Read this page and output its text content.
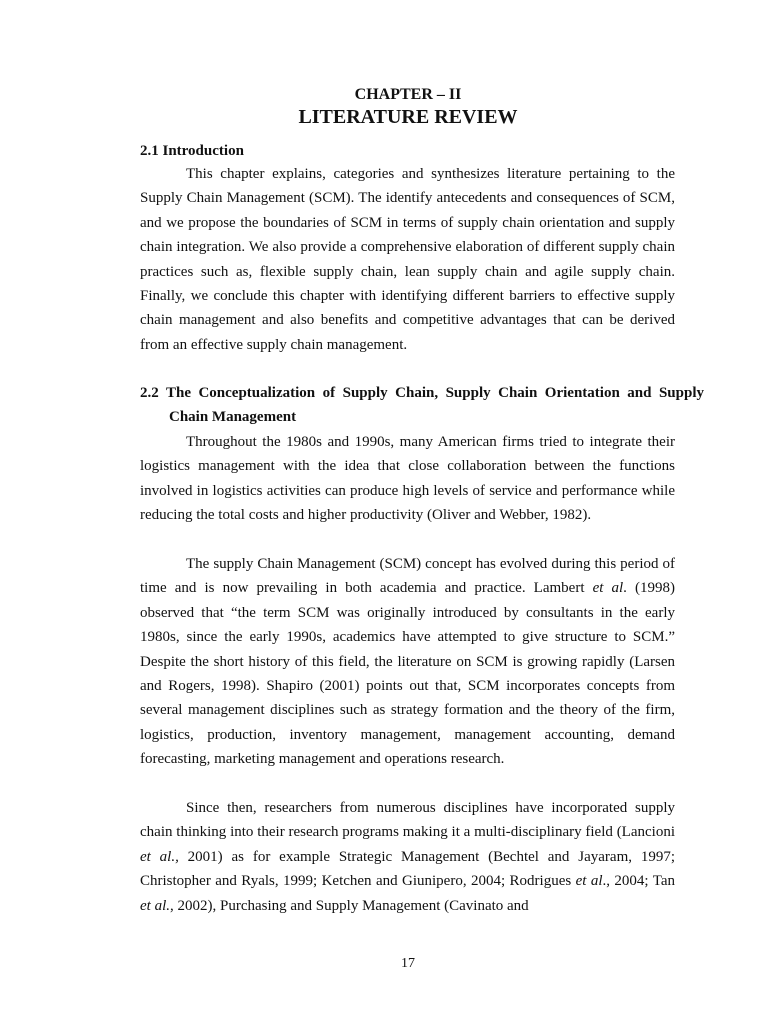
CHAPTER – II
LITERATURE REVIEW
2.1 Introduction

This chapter explains, categories and synthesizes literature pertaining to the Supply Chain Management (SCM). The identify antecedents and consequences of SCM, and we propose the boundaries of SCM in terms of supply chain orientation and supply chain integration. We also provide a comprehensive elaboration of different supply chain practices such as, flexible supply chain, lean supply chain and agile supply chain. Finally, we conclude this chapter with identifying different barriers to effective supply chain management and also benefits and competitive advantages that can be derived from an effective supply chain management.

2.2 The Conceptualization of Supply Chain, Supply Chain Orientation and Supply Chain Management

Throughout the 1980s and 1990s, many American firms tried to integrate their logistics management with the idea that close collaboration between the functions involved in logistics activities can produce high levels of service and performance while reducing the total costs and higher productivity (Oliver and Webber, 1982).

The supply Chain Management (SCM) concept has evolved during this period of time and is now prevailing in both academia and practice. Lambert et al. (1998) observed that “the term SCM was originally introduced by consultants in the early 1980s, since the early 1990s, academics have attempted to give structure to SCM.” Despite the short history of this field, the literature on SCM is growing rapidly (Larsen and Rogers, 1998). Shapiro (2001) points out that, SCM incorporates concepts from several management disciplines such as strategy formation and the theory of the firm, logistics, production, inventory management, management accounting, demand forecasting, marketing management and operations research.

Since then, researchers from numerous disciplines have incorporated supply chain thinking into their research programs making it a multi-disciplinary field (Lancioni et al., 2001) as for example Strategic Management (Bechtel and Jayaram, 1997; Christopher and Ryals, 1999; Ketchen and Giunipero, 2004; Rodrigues et al., 2004; Tan et al., 2002), Purchasing and Supply Management (Cavinato and

17
